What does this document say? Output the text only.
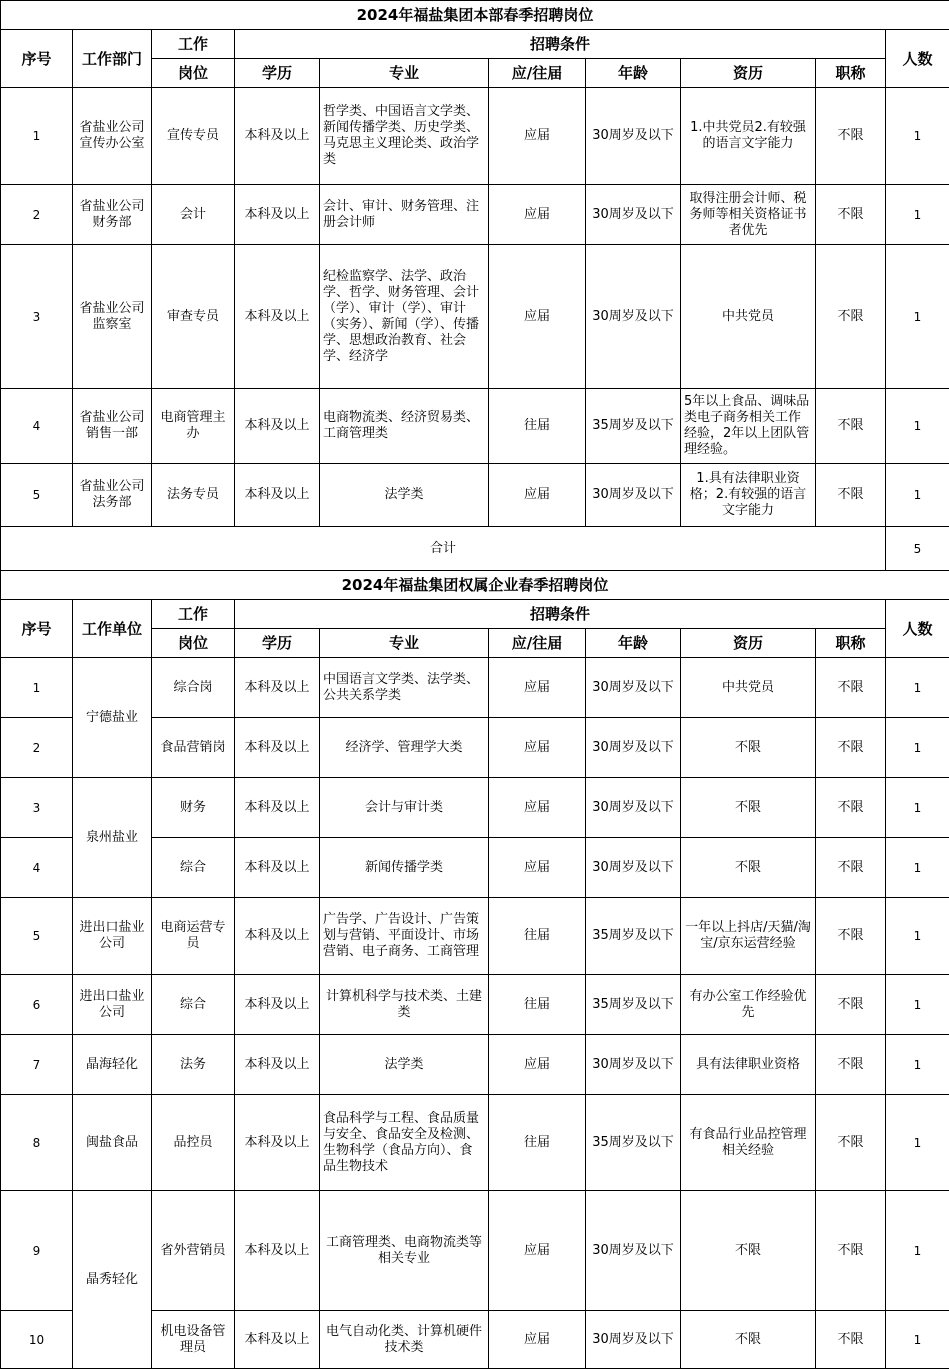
2024年福盐集团本部春季招聘岗位									
序号	工作部门	工作	招聘条件						人数
		岗位	学历	专业	应/往届	年龄	资历	职称	
1	省盐业公司宣传办公室	宣传专员	本科及以上	哲学类、中国语言文学类、新闻传播学类、历史学类、马克思主义理论类、政治学类	应届	30周岁及以下	1.中共党员2.有较强的语言文字能力	不限	1
2	省盐业公司财务部	会计	本科及以上	会计、审计、财务管理、注册会计师	应届	30周岁及以下	取得注册会计师、税务师等相关资格证书者优先	不限	1
3	省盐业公司监察室	审查专员	本科及以上	纪检监察学、法学、政治学、哲学、财务管理、会计（学）、审计（学）、审计（实务）、新闻（学）、传播学、思想政治教育、社会学、经济学	应届	30周岁及以下	中共党员	不限	1
4	省盐业公司销售一部	电商管理主办	本科及以上	电商物流类、经济贸易类、工商管理类	往届	35周岁及以下	5年以上食品、调味品类电子商务相关工作经验，2年以上团队管理经验。	不限	1
5	省盐业公司法务部	法务专员	本科及以上	法学类	应届	30周岁及以下	1.具有法律职业资格；2.有较强的语言文字能力	不限	1
合计									5
2024年福盐集团权属企业春季招聘岗位									
序号	工作单位	工作	招聘条件						人数
		岗位	学历	专业	应/往届	年龄	资历	职称	
1	宁德盐业	综合岗	本科及以上	中国语言文学类、法学类、公共关系学类	应届	30周岁及以下	中共党员	不限	1
2		食品营销岗	本科及以上	经济学、管理学大类	应届	30周岁及以下	不限	不限	1
3	泉州盐业	财务	本科及以上	会计与审计类	应届	30周岁及以下	不限	不限	1
4		综合	本科及以上	新闻传播学类	应届	30周岁及以下	不限	不限	1
5	进出口盐业公司	电商运营专员	本科及以上	广告学、广告设计、广告策划与营销、平面设计、市场营销、电子商务、工商管理	往届	35周岁及以下	一年以上抖店/天猫/淘宝/京东运营经验	不限	1
6	进出口盐业公司	综合	本科及以上	计算机科学与技术类、土建类	往届	35周岁及以下	有办公室工作经验优先	不限	1
7	晶海轻化	法务	本科及以上	法学类	应届	30周岁及以下	具有法律职业资格	不限	1
8	闽盐食品	品控员	本科及以上	食品科学与工程、食品质量与安全、食品安全及检测、生物科学（食品方向）、食品生物技术	往届	35周岁及以下	有食品行业品控管理相关经验	不限	1
9	晶秀轻化	省外营销员	本科及以上	工商管理类、电商物流类等相关专业	应届	30周岁及以下	不限	不限	1
10		机电设备管理员	本科及以上	电气自动化类、计算机硬件技术类	应届	30周岁及以下	不限	不限	1
